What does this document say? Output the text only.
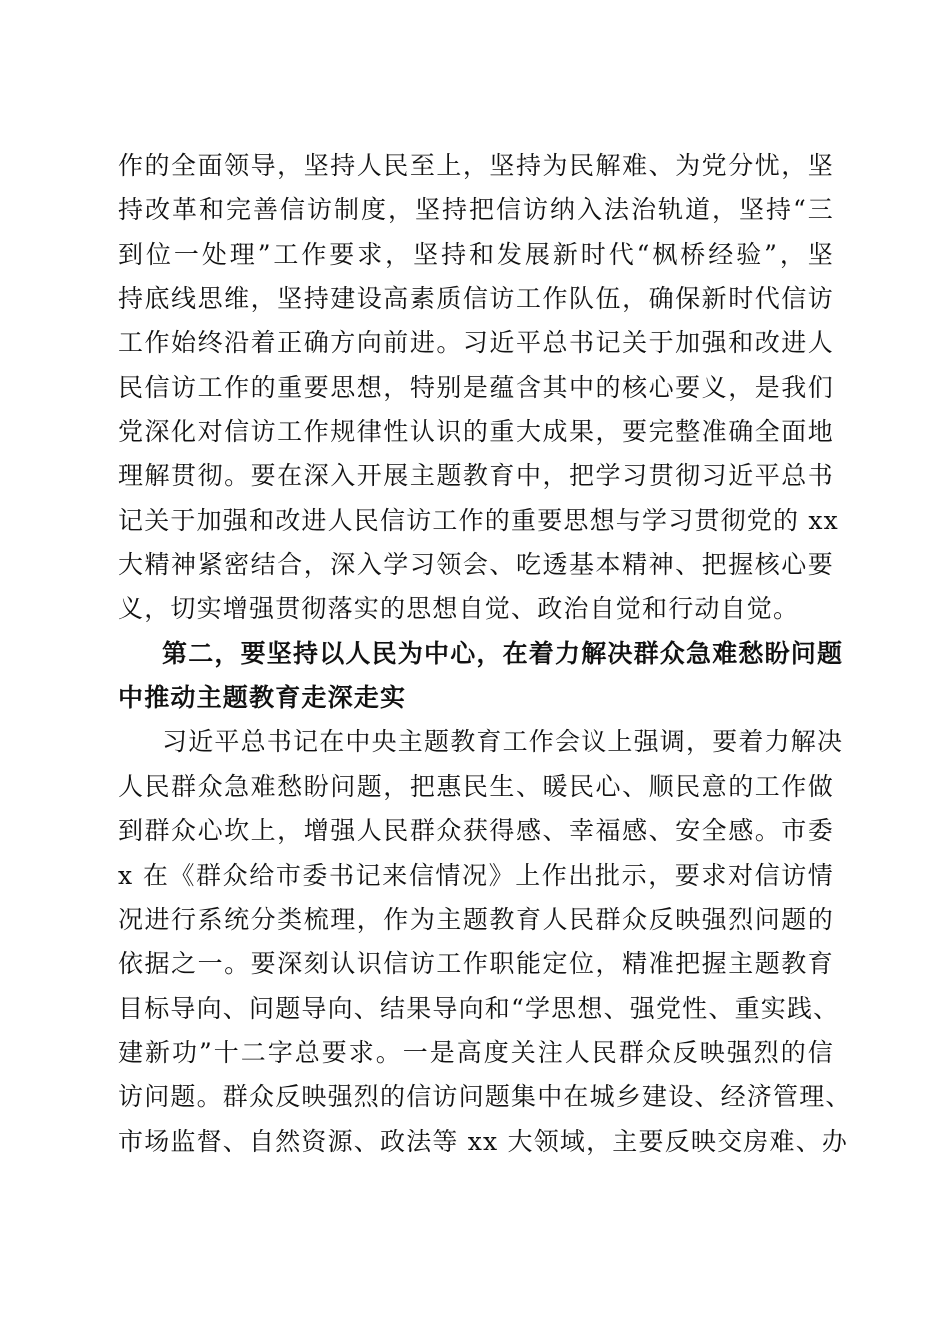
作的全面领导，坚持人民至上，坚持为民解难、为党分忧，坚
持改革和完善信访制度，坚持把信访纳入法治轨道，坚持“三
到位一处理”工作要求，坚持和发展新时代“枫桥经验”，坚
持底线思维，坚持建设高素质信访工作队伍，确保新时代信访
工作始终沿着正确方向前进。习近平总书记关于加强和改进人
民信访工作的重要思想，特别是蕴含其中的核心要义，是我们
党深化对信访工作规律性认识的重大成果，要完整准确全面地
理解贯彻。要在深入开展主题教育中，把学习贯彻习近平总书
记关于加强和改进人民信访工作的重要思想与学习贯彻党的 xx
大精神紧密结合，深入学习领会、吃透基本精神、把握核心要
义，切实增强贯彻落实的思想自觉、政治自觉和行动自觉。
第二，要坚持以人民为中心，在着力解决群众急难愁盼问题
中推动主题教育走深走实
习近平总书记在中央主题教育工作会议上强调，要着力解决
人民群众急难愁盼问题，把惠民生、暖民心、顺民意的工作做
到群众心坎上，增强人民群众获得感、幸福感、安全感。市委
x 在《群众给市委书记来信情况》上作出批示，要求对信访情
况进行系统分类梳理，作为主题教育人民群众反映强烈问题的
依据之一。要深刻认识信访工作职能定位，精准把握主题教育
目标导向、问题导向、结果导向和“学思想、强党性、重实践、
建新功”十二字总要求。一是高度关注人民群众反映强烈的信
访问题。群众反映强烈的信访问题集中在城乡建设、经济管理、
市场监督、自然资源、政法等 xx 大领域，主要反映交房难、办
